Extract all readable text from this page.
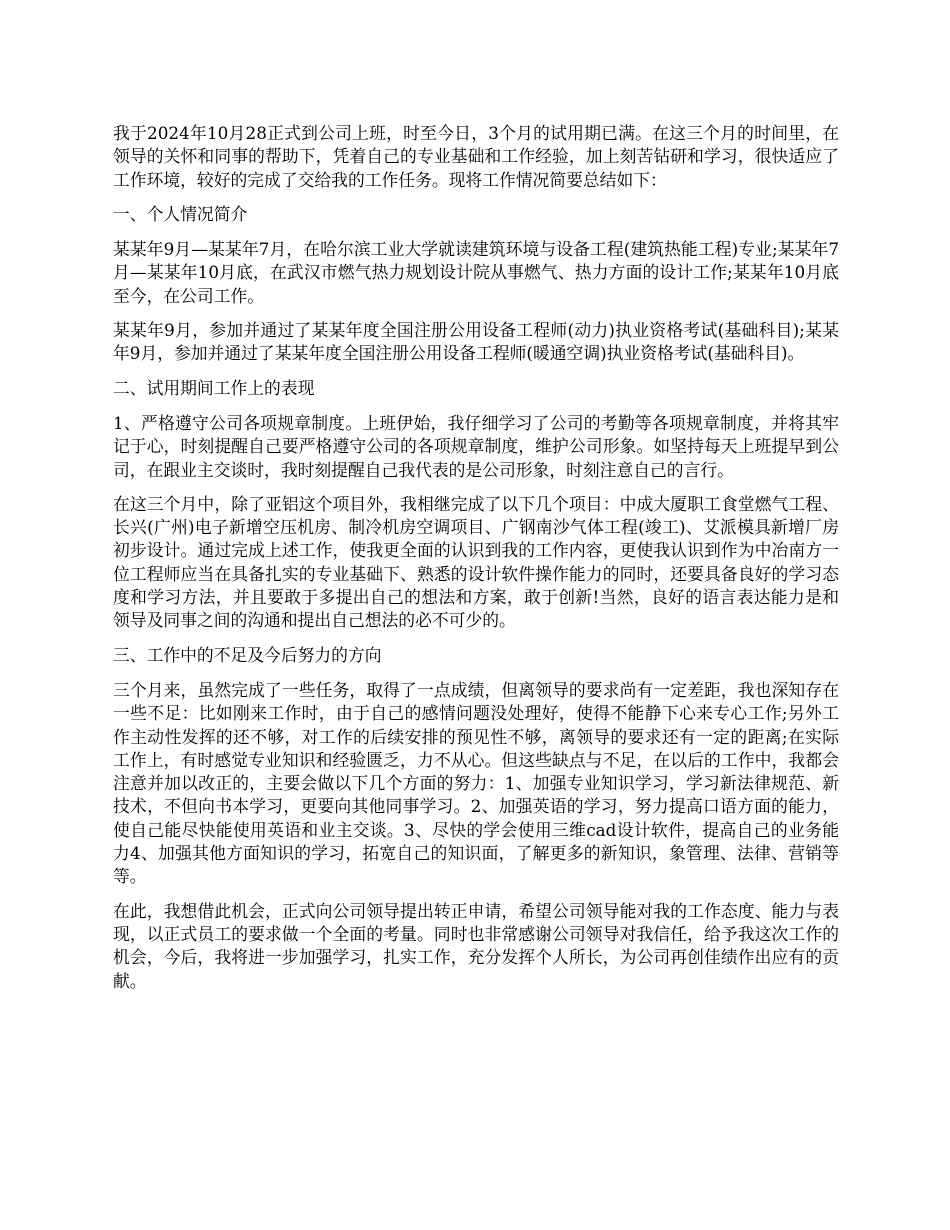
我于2024年10月28正式到公司上班，时至今日，3个月的试用期已满。在这三个月的时间里，在领导的关怀和同事的帮助下，凭着自己的专业基础和工作经验，加上刻苦钻研和学习，很快适应了工作环境，较好的完成了交给我的工作任务。现将工作情况简要总结如下：

一、个人情况简介

某某年9月—某某年7月，在哈尔滨工业大学就读建筑环境与设备工程(建筑热能工程)专业;某某年7月—某某年10月底，在武汉市燃气热力规划设计院从事燃气、热力方面的设计工作;某某年10月底至今，在公司工作。

某某年9月，参加并通过了某某年度全国注册公用设备工程师(动力)执业资格考试(基础科目);某某年9月，参加并通过了某某年度全国注册公用设备工程师(暖通空调)执业资格考试(基础科目)。

二、试用期间工作上的表现

1、严格遵守公司各项规章制度。上班伊始，我仔细学习了公司的考勤等各项规章制度，并将其牢记于心，时刻提醒自己要严格遵守公司的各项规章制度，维护公司形象。如坚持每天上班提早到公司，在跟业主交谈时，我时刻提醒自己我代表的是公司形象，时刻注意自己的言行。

在这三个月中，除了亚铝这个项目外，我相继完成了以下几个项目：中成大厦职工食堂燃气工程、长兴(广州)电子新增空压机房、制冷机房空调项目、广钢南沙气体工程(竣工)、艾派模具新增厂房初步设计。通过完成上述工作，使我更全面的认识到我的工作内容，更使我认识到作为中冶南方一位工程师应当在具备扎实的专业基础下、熟悉的设计软件操作能力的同时，还要具备良好的学习态度和学习方法，并且要敢于多提出自己的想法和方案，敢于创新!当然，良好的语言表达能力是和领导及同事之间的沟通和提出自己想法的必不可少的。

三、工作中的不足及今后努力的方向

三个月来，虽然完成了一些任务，取得了一点成绩，但离领导的要求尚有一定差距，我也深知存在一些不足：比如刚来工作时，由于自己的感情问题没处理好，使得不能静下心来专心工作;另外工作主动性发挥的还不够，对工作的后续安排的预见性不够，离领导的要求还有一定的距离;在实际工作上，有时感觉专业知识和经验匮乏，力不从心。但这些缺点与不足，在以后的工作中，我都会注意并加以改正的，主要会做以下几个方面的努力：1、加强专业知识学习，学习新法律规范、新技术，不但向书本学习，更要向其他同事学习。2、加强英语的学习，努力提高口语方面的能力，使自己能尽快能使用英语和业主交谈。3、尽快的学会使用三维cad设计软件，提高自己的业务能力4、加强其他方面知识的学习，拓宽自己的知识面，了解更多的新知识，象管理、法律、营销等等。

在此，我想借此机会，正式向公司领导提出转正申请，希望公司领导能对我的工作态度、能力与表现，以正式员工的要求做一个全面的考量。同时也非常感谢公司领导对我信任，给予我这次工作的机会，今后，我将进一步加强学习，扎实工作，充分发挥个人所长，为公司再创佳绩作出应有的贡献。
